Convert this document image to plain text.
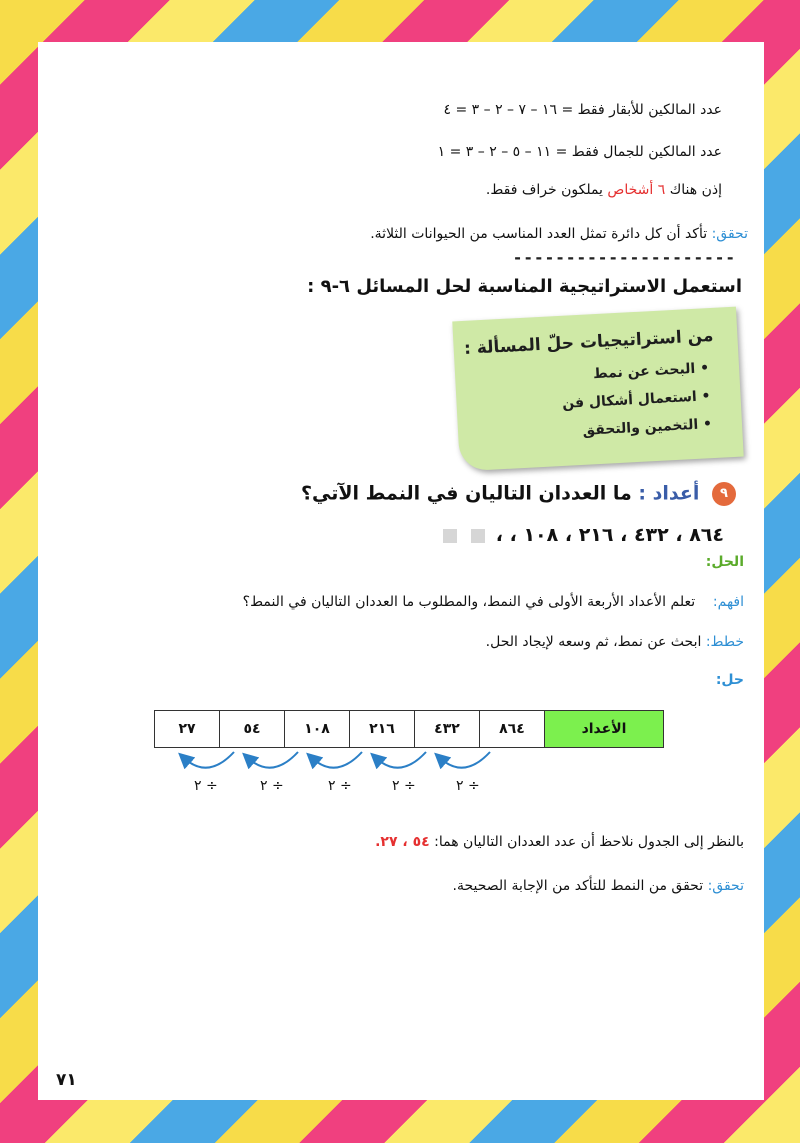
عدد المالكين للأبقار فقط = ١٦ – ٧ – ٢ – ٣ = ٤
عدد المالكين للجمال فقط = ١١ – ٥ – ٢ – ٣ = ١
إذن هناك ٦ أشخاص يملكون خراف فقط.
تحقق: تأكد أن كل دائرة تمثل العدد المناسب من الحيوانات الثلاثة.
---------------------
استعمل الاستراتيجية المناسبة لحل المسائل ٦-٩ :
من استراتيجيات حلّ المسألة :
• البحث عن نمط
• استعمال أشكال فن
• التخمين والتحقق
٩ أعداد : ما العددان التاليان في النمط الآتي؟
٨٦٤ ، ٤٣٢ ، ٢١٦ ، ١٠٨ ، ،
الحل:
افهم:    تعلم الأعداد الأربعة الأولى في النمط، والمطلوب ما العددان التاليان في النمط؟
خطط: ابحث عن نمط، ثم وسعه لإيجاد الحل.
حل:
الأعداد	٨٦٤	٤٣٢	٢١٦	١٠٨	٥٤	٢٧
÷ ٢
÷ ٢
÷ ٢
÷ ٢
÷ ٢
بالنظر إلى الجدول نلاحظ أن عدد العددان التاليان هما: ٥٤ ، ٢٧.
تحقق: تحقق من النمط للتأكد من الإجابة الصحيحة.
٧١
